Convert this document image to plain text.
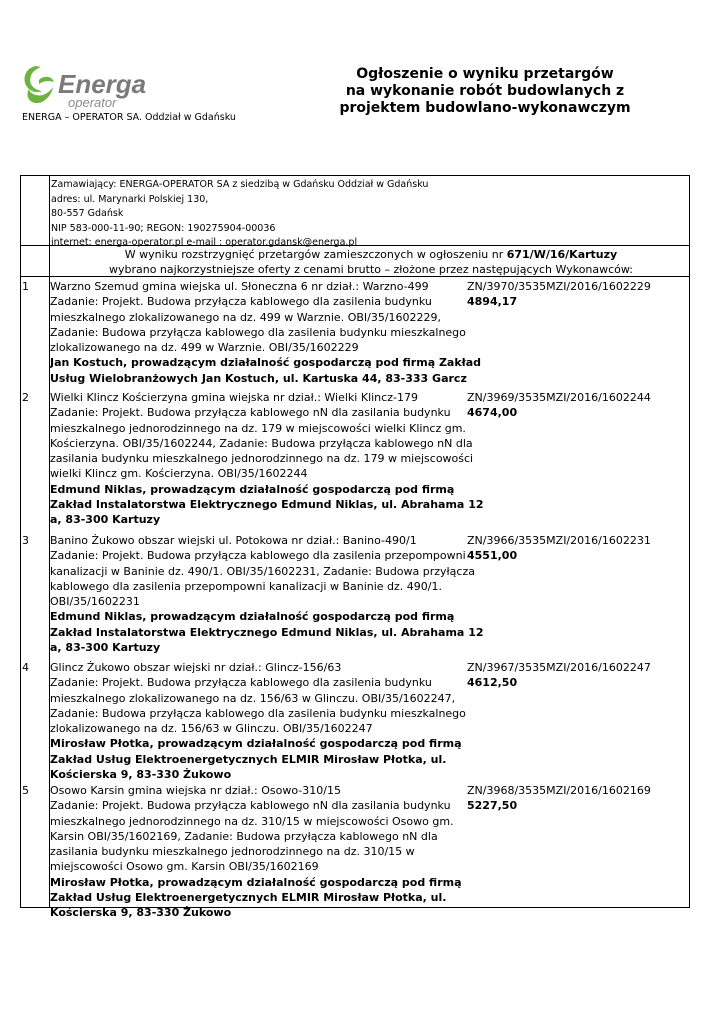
Energa
operator
ENERGA – OPERATOR SA. Oddział w Gdańsku
Ogłoszenie o wyniku przetargów
na wykonanie robót budowlanych z
projektem budowlano-wykonawczym
Zamawiający: ENERGA-OPERATOR SA z siedzibą w Gdańsku Oddział w Gdańsku
adres: ul. Marynarki Polskiej 130,
80-557 Gdańsk
NIP 583-000-11-90; REGON: 190275904-00036
internet: energa-operator.pl e-mail : operator.gdansk@energa.pl
W wyniku rozstrzygnięć przetargów zamieszczonych w ogłoszeniu nr 671/W/16/Kartuzy
wybrano najkorzystniejsze oferty z cenami brutto – złożone przez następujących Wykonawców:
1 Warzno Szemud gmina wiejska ul. Słoneczna 6 nr dział.: Warzno-499
Zadanie: Projekt. Budowa przyłącza kablowego dla zasilenia budynku
mieszkalnego zlokalizowanego na dz. 499 w Warznie. OBI/35/1602229,
Zadanie: Budowa przyłącza kablowego dla zasilenia budynku mieszkalnego
zlokalizowanego na dz. 499 w Warznie. OBI/35/1602229
Jan Kostuch, prowadzącym działalność gospodarczą pod firmą Zakład
Usług Wielobranżowych Jan Kostuch, ul. Kartuska 44, 83-333 Garcz
ZN/3970/3535MZI/2016/1602229
4894,17
2 Wielki Klincz Kościerzyna gmina wiejska nr dział.: Wielki Klincz-179
Zadanie: Projekt. Budowa przyłącza kablowego nN dla zasilania budynku
mieszkalnego jednorodzinnego na dz. 179 w miejscowości wielki Klincz gm.
Kościerzyna. OBI/35/1602244, Zadanie: Budowa przyłącza kablowego nN dla
zasilania budynku mieszkalnego jednorodzinnego na dz. 179 w miejscowości
wielki Klincz gm. Kościerzyna. OBI/35/1602244
Edmund Niklas, prowadzącym działalność gospodarczą pod firmą
Zakład Instalatorstwa Elektrycznego Edmund Niklas, ul. Abrahama 12
a, 83-300 Kartuzy
ZN/3969/3535MZI/2016/1602244
4674,00
3 Banino Żukowo obszar wiejski ul. Potokowa nr dział.: Banino-490/1
Zadanie: Projekt. Budowa przyłącza kablowego dla zasilenia przepompowni
kanalizacji w Baninie dz. 490/1. OBI/35/1602231, Zadanie: Budowa przyłącza
kablowego dla zasilenia przepompowni kanalizacji w Baninie dz. 490/1.
OBI/35/1602231
Edmund Niklas, prowadzącym działalność gospodarczą pod firmą
Zakład Instalatorstwa Elektrycznego Edmund Niklas, ul. Abrahama 12
a, 83-300 Kartuzy
ZN/3966/3535MZI/2016/1602231
4551,00
4 Glincz Żukowo obszar wiejski nr dział.: Glincz-156/63
Zadanie: Projekt. Budowa przyłącza kablowego dla zasilenia budynku
mieszkalnego zlokalizowanego na dz. 156/63 w Glinczu. OBI/35/1602247,
Zadanie: Budowa przyłącza kablowego dla zasilenia budynku mieszkalnego
zlokalizowanego na dz. 156/63 w Glinczu. OBI/35/1602247
Mirosław Płotka, prowadzącym działalność gospodarczą pod firmą
Zakład Usług Elektroenergetycznych ELMIR Mirosław Płotka, ul.
Kościerska 9, 83-330 Żukowo
ZN/3967/3535MZI/2016/1602247
4612,50
5 Osowo Karsin gmina wiejska nr dział.: Osowo-310/15
Zadanie: Projekt. Budowa przyłącza kablowego nN dla zasilania budynku
mieszkalnego jednorodzinnego na dz. 310/15 w miejscowości Osowo gm.
Karsin OBI/35/1602169, Zadanie: Budowa przyłącza kablowego nN dla
zasilania budynku mieszkalnego jednorodzinnego na dz. 310/15 w
miejscowości Osowo gm. Karsin OBI/35/1602169
Mirosław Płotka, prowadzącym działalność gospodarczą pod firmą
Zakład Usług Elektroenergetycznych ELMIR Mirosław Płotka, ul.
Kościerska 9, 83-330 Żukowo
ZN/3968/3535MZI/2016/1602169
5227,50
